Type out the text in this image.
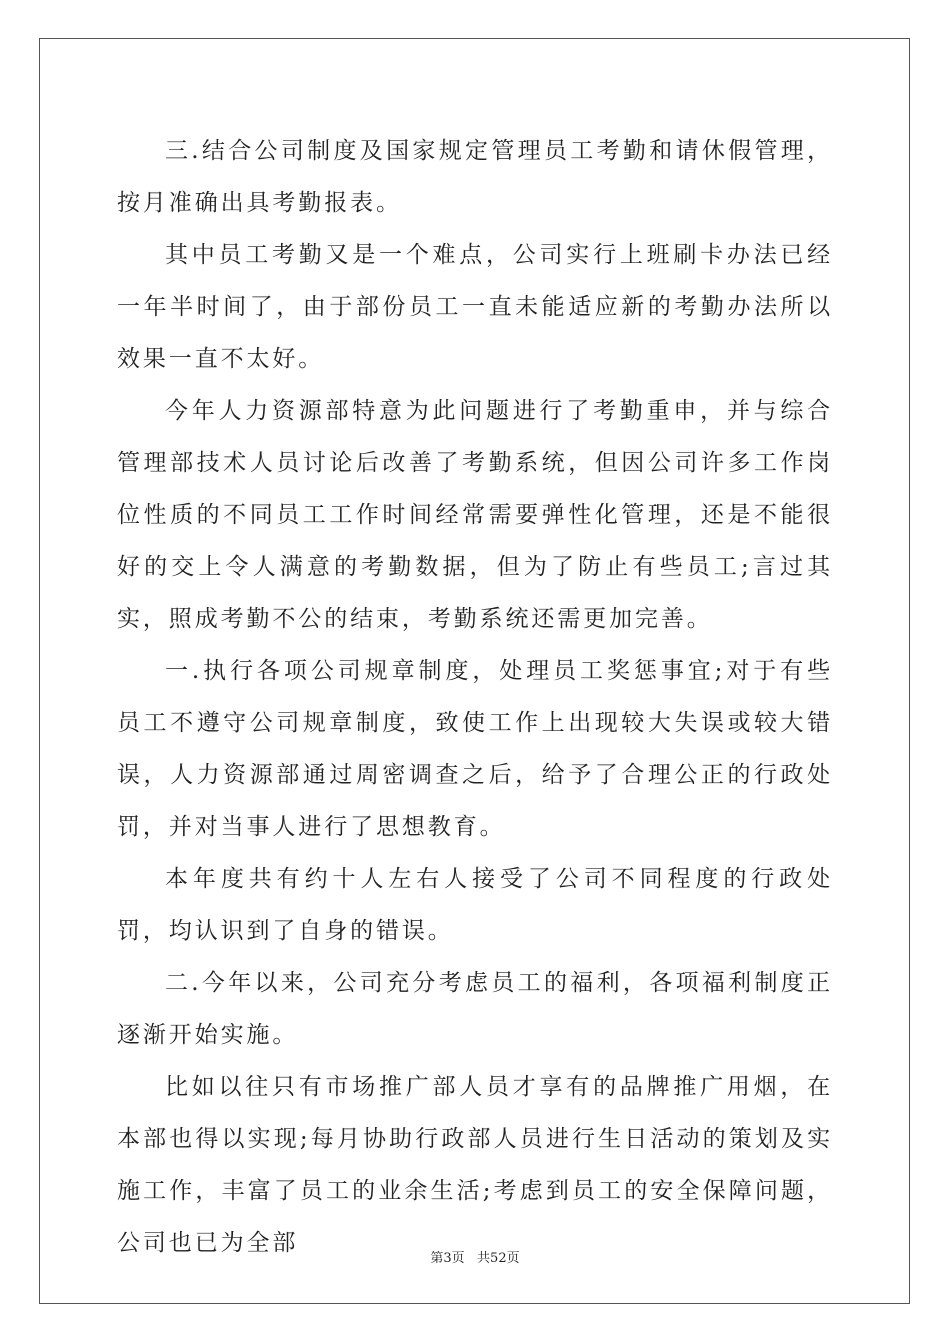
三.结合公司制度及国家规定管理员工考勤和请休假管理，按月准确出具考勤报表。

其中员工考勤又是一个难点，公司实行上班刷卡办法已经一年半时间了，由于部份员工一直未能适应新的考勤办法所以效果一直不太好。

今年人力资源部特意为此问题进行了考勤重申，并与综合管理部技术人员讨论后改善了考勤系统，但因公司许多工作岗位性质的不同员工工作时间经常需要弹性化管理，还是不能很好的交上令人满意的考勤数据，但为了防止有些员工;言过其实，照成考勤不公的结束，考勤系统还需更加完善。

一.执行各项公司规章制度，处理员工奖惩事宜;对于有些员工不遵守公司规章制度，致使工作上出现较大失误或较大错误，人力资源部通过周密调查之后，给予了合理公正的行政处罚，并对当事人进行了思想教育。

本年度共有约十人左右人接受了公司不同程度的行政处罚，均认识到了自身的错误。

二.今年以来，公司充分考虑员工的福利，各项福利制度正逐渐开始实施。

比如以往只有市场推广部人员才享有的品牌推广用烟，在本部也得以实现;每月协助行政部人员进行生日活动的策划及实施工作，丰富了员工的业余生活;考虑到员工的安全保障问题，公司也已为全部

第3页   共52页
